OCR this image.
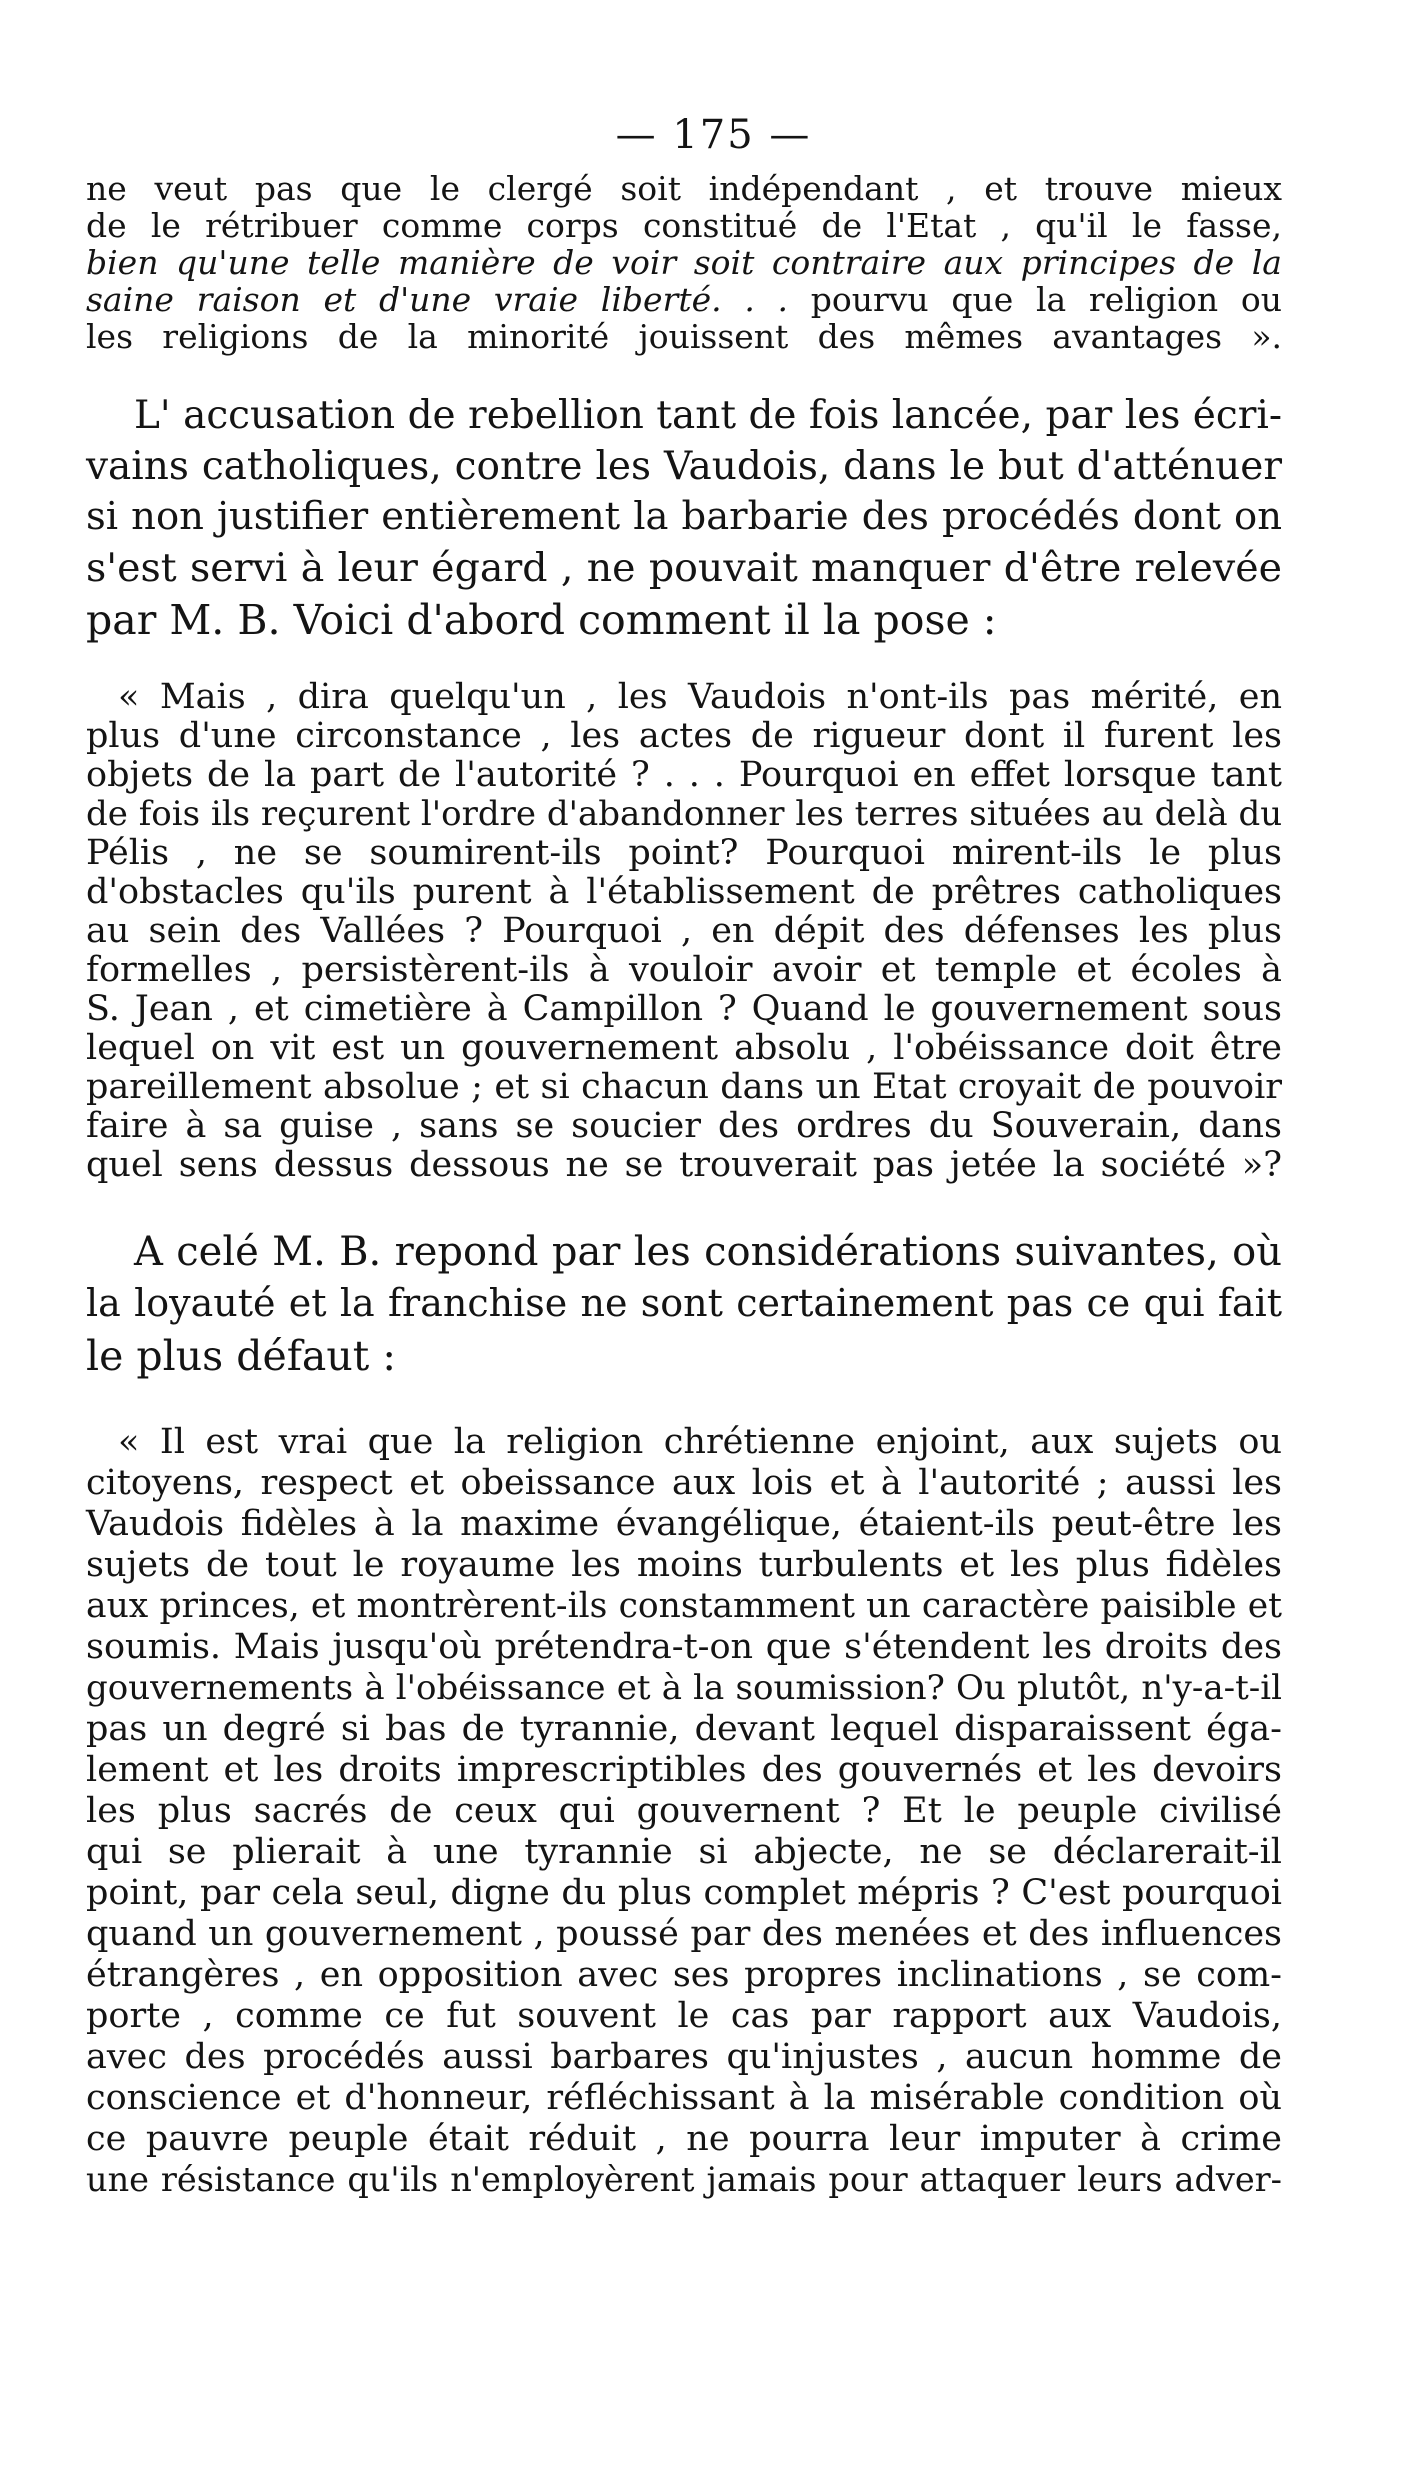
— 175 —
ne veut pas que le clergé soit indépendant , et trouve mieux
de le rétribuer comme corps constitué de l'Etat , qu'il le fasse,
bien qu'une telle manière de voir soit contraire aux principes de la
saine raison et d'une vraie liberté. . . pourvu que la religion ou
les religions de la minorité jouissent des mêmes avantages ».
L' accusation de rebellion tant de fois lancée, par les écri-
vains catholiques, contre les Vaudois, dans le but d'atténuer
si non justifier entièrement la barbarie des procédés dont on
s'est servi à leur égard , ne pouvait manquer d'être relevée
par M. B. Voici d'abord comment il la pose :
« Mais , dira quelqu'un , les Vaudois n'ont-ils pas mérité, en
plus d'une circonstance , les actes de rigueur dont il furent les
objets de la part de l'autorité ? . . . Pourquoi en effet lorsque tant
de fois ils reçurent l'ordre d'abandonner les terres situées au delà du
Pélis , ne se soumirent-ils point? Pourquoi mirent-ils le plus
d'obstacles qu'ils purent à l'établissement de prêtres catholiques
au sein des Vallées ? Pourquoi , en dépit des défenses les plus
formelles , persistèrent-ils à vouloir avoir et temple et écoles à
S. Jean , et cimetière à Campillon ? Quand le gouvernement sous
lequel on vit est un gouvernement absolu , l'obéissance doit être
pareillement absolue ; et si chacun dans un Etat croyait de pouvoir
faire à sa guise , sans se soucier des ordres du Souverain, dans
quel sens dessus dessous ne se trouverait pas jetée la société »?
A celé M. B. repond par les considérations suivantes, où
la loyauté et la franchise ne sont certainement pas ce qui fait
le plus défaut :
« Il est vrai que la religion chrétienne enjoint, aux sujets ou
citoyens, respect et obeissance aux lois et à l'autorité ; aussi les
Vaudois fidèles à la maxime évangélique, étaient-ils peut-être les
sujets de tout le royaume les moins turbulents et les plus fidèles
aux princes, et montrèrent-ils constamment un caractère paisible et
soumis. Mais jusqu'où prétendra-t-on que s'étendent les droits des
gouvernements à l'obéissance et à la soumission? Ou plutôt, n'y-a-t-il
pas un degré si bas de tyrannie, devant lequel disparaissent éga-
lement et les droits imprescriptibles des gouvernés et les devoirs
les plus sacrés de ceux qui gouvernent ? Et le peuple civilisé
qui se plierait à une tyrannie si abjecte, ne se déclarerait-il
point, par cela seul, digne du plus complet mépris ? C'est pourquoi
quand un gouvernement , poussé par des menées et des influences
étrangères , en opposition avec ses propres inclinations , se com-
porte , comme ce fut souvent le cas par rapport aux Vaudois,
avec des procédés aussi barbares qu'injustes , aucun homme de
conscience et d'honneur, réfléchissant à la misérable condition où
ce pauvre peuple était réduit , ne pourra leur imputer à crime
une résistance qu'ils n'employèrent jamais pour attaquer leurs adver-
